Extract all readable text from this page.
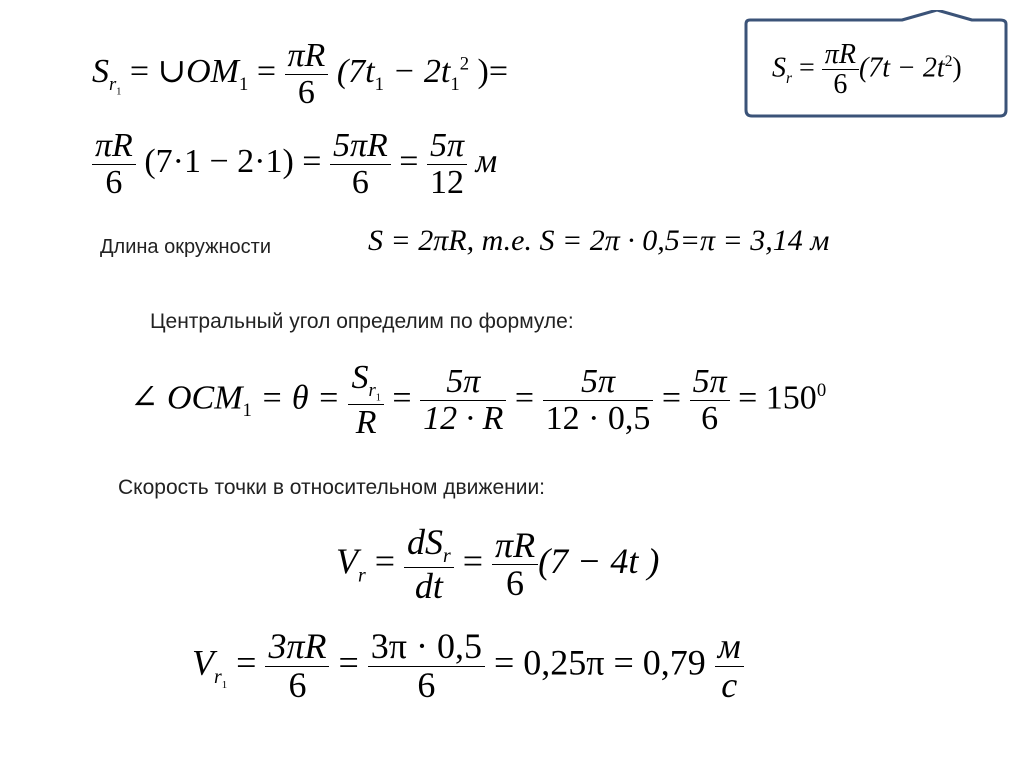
$S_{r_1}$ = $\cup OM_1 = \frac{\pi R}{6} (7t_1 - 2t_1^2$ )=
$\frac{\pi R}{6} (7\cdot 1 - 2\cdot 1) = \frac{5\pi R}{6} = \frac{5\pi}{12}$ м
$S_r = \frac{\pi R}{6} (7t - 2t^2)$
Длина окружности	S = 2πR, т.е. S = 2π · 0,5=π = 3,14 м
Центральный угол определим по формуле:
∠ $OCM_1 = \theta = \frac{S_{r_1}}{R} = \frac{5\pi}{12 \cdot R} = \frac{5\pi}{12 \cdot 0,5} = \frac{5\pi}{6} = 150^0$
Скорость точки в относительном движении:
$V_r = dS_r$
dt
= $\frac{\pi R}{6} (7 - 4t$ )
$V_{r_1} = \frac{3\pi R}{6} = \frac{3\pi \cdot 0,5}{6} = 0,25\pi = 0,79$ м
с
